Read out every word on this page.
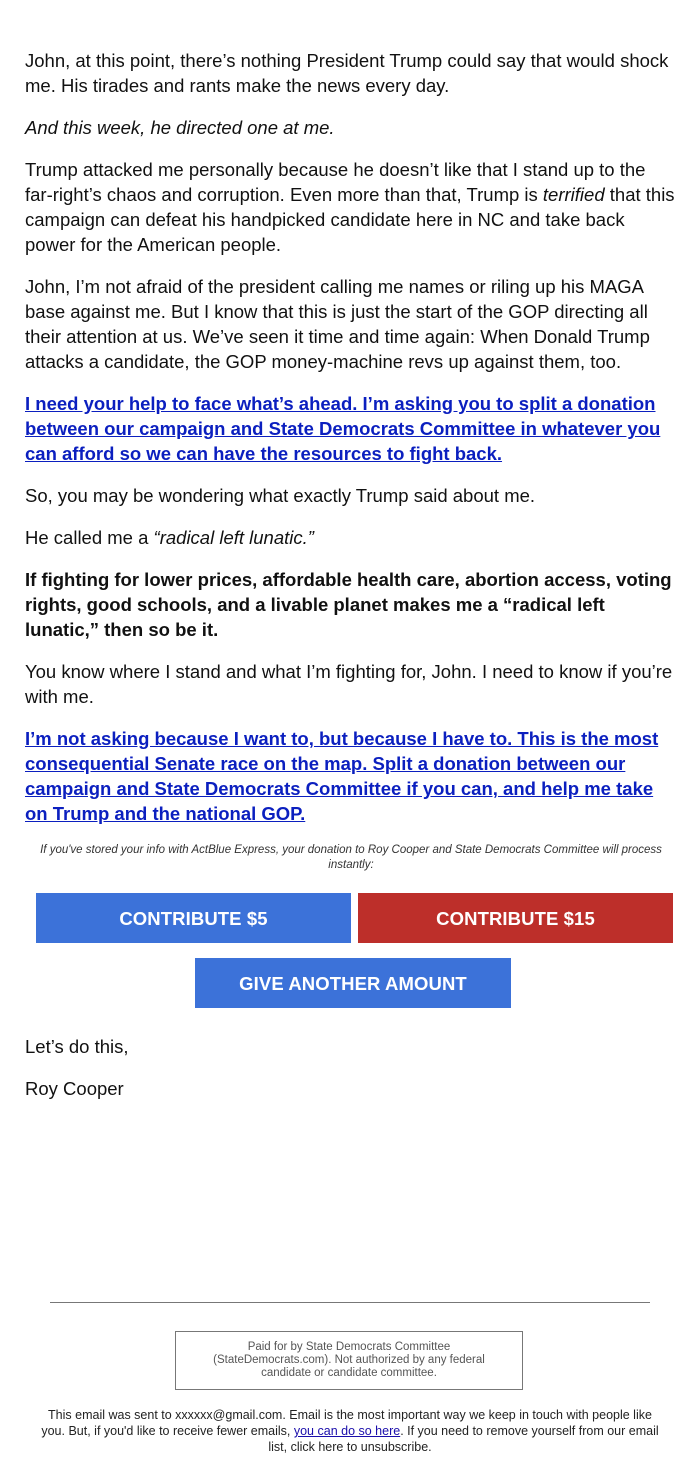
John, at this point, there’s nothing President Trump could say that would shock me. His tirades and rants make the news every day.

And this week, he directed one at me.

Trump attacked me personally because he doesn’t like that I stand up to the far-right’s chaos and corruption. Even more than that, Trump is terrified that this campaign can defeat his handpicked candidate here in NC and take back power for the American people.

John, I’m not afraid of the president calling me names or riling up his MAGA base against me. But I know that this is just the start of the GOP directing all their attention at us. We’ve seen it time and time again: When Donald Trump attacks a candidate, the GOP money-machine revs up against them, too.

I need your help to face what’s ahead. I’m asking you to split a donation between our campaign and State Democrats Committee in whatever you can afford so we can have the resources to fight back.

So, you may be wondering what exactly Trump said about me.

He called me a “radical left lunatic.”

If fighting for lower prices, affordable health care, abortion access, voting rights, good schools, and a livable planet makes me a “radical left lunatic,” then so be it.

You know where I stand and what I’m fighting for, John. I need to know if you’re with me.

I’m not asking because I want to, but because I have to. This is the most consequential Senate race on the map. Split a donation between our campaign and State Democrats Committee if you can, and help me take on Trump and the national GOP.

If you've stored your info with ActBlue Express, your donation to Roy Cooper and State Democrats Committee will process instantly:

CONTRIBUTE $5	CONTRIBUTE $15
GIVE ANOTHER AMOUNT

Let’s do this,

Roy Cooper

Paid for by State Democrats Committee (StateDemocrats.com). Not authorized by any federal candidate or candidate committee.
This email was sent to xxxxxx@gmail.com. Email is the most important way we keep in touch with people like you. But, if you'd like to receive fewer emails, you can do so here. If you need to remove yourself from our email list, click here to unsubscribe.
